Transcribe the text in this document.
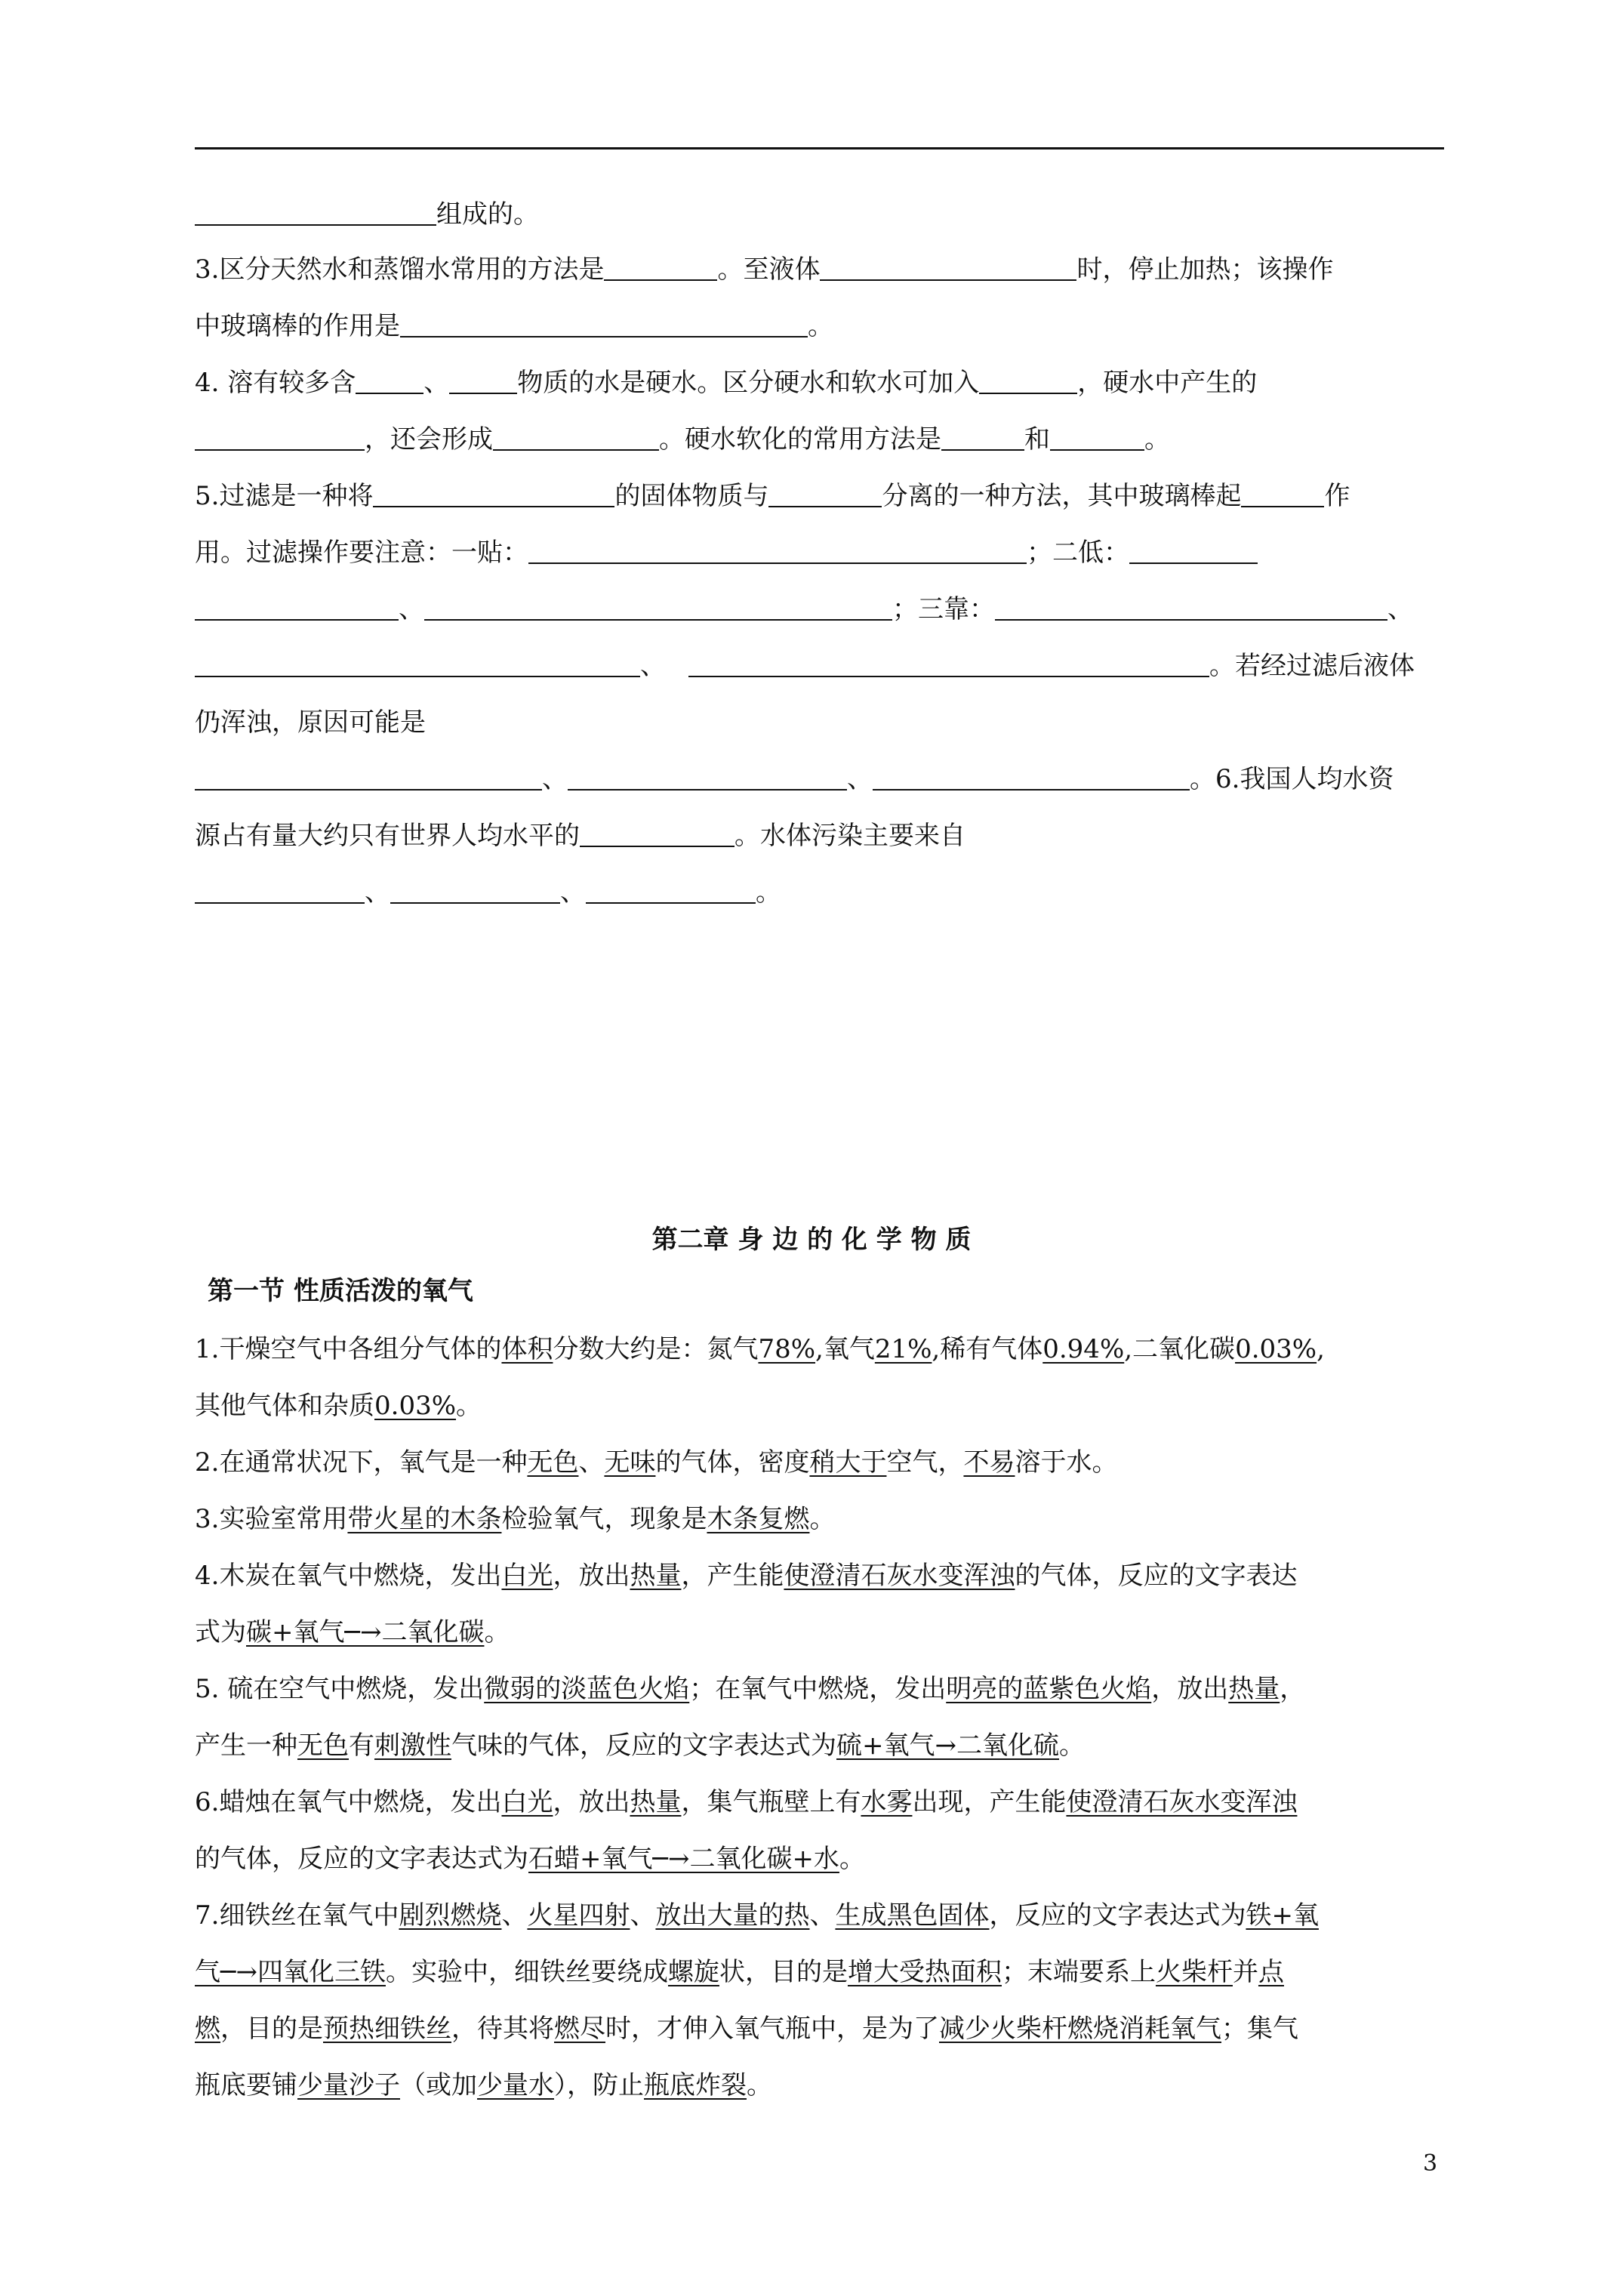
组成的。
3.区分天然水和蒸馏水常用的方法是	。至液体	时，停止加热；该操作
中玻璃棒的作用是	。
4. 溶有较多含	、	物质的水是硬水。区分硬水和软水可加入	，硬水中产生的
，还会形成	。硬水软化的常用方法是	和	。
5.过滤是一种将	的固体物质与	分离的一种方法，其中玻璃棒起	作
用。过滤操作要注意：一贴：	；二低：
、	；三靠：	、
、	。若经过滤后液体
仍浑浊，原因可能是
、	、	。6.我国人均水资
源占有量大约只有世界人均水平的	。水体污染主要来自
、	、	。
第二章 身 边 的 化 学 物 质
第一节 性质活泼的氧气
1.干燥空气中各组分气体的体积分数大约是：氮气78%,氧气21%,稀有气体0.94%,二氧化碳0.03%,
其他气体和杂质0.03%。
2.在通常状况下，氧气是一种无色、无味的气体，密度稍大于空气，不易溶于水。
3.实验室常用带火星的木条检验氧气，现象是木条复燃。
4.木炭在氧气中燃烧，发出白光，放出热量，产生能使澄清石灰水变浑浊的气体，反应的文字表达
式为碳+氧气─→二氧化碳。
5. 硫在空气中燃烧，发出微弱的淡蓝色火焰；在氧气中燃烧，发出明亮的蓝紫色火焰，放出热量，
产生一种无色有刺激性气味的气体，反应的文字表达式为硫+氧气→二氧化硫。
6.蜡烛在氧气中燃烧，发出白光，放出热量，集气瓶壁上有水雾出现，产生能使澄清石灰水变浑浊
的气体，反应的文字表达式为石蜡+氧气─→二氧化碳+水。
7.细铁丝在氧气中剧烈燃烧、火星四射、放出大量的热、生成黑色固体，反应的文字表达式为铁+氧
气─→四氧化三铁。实验中，细铁丝要绕成螺旋状，目的是增大受热面积；末端要系上火柴杆并点
燃，目的是预热细铁丝，待其将燃尽时，才伸入氧气瓶中，是为了减少火柴杆燃烧消耗氧气；集气
瓶底要铺少量沙子（或加少量水），防止瓶底炸裂。
3
